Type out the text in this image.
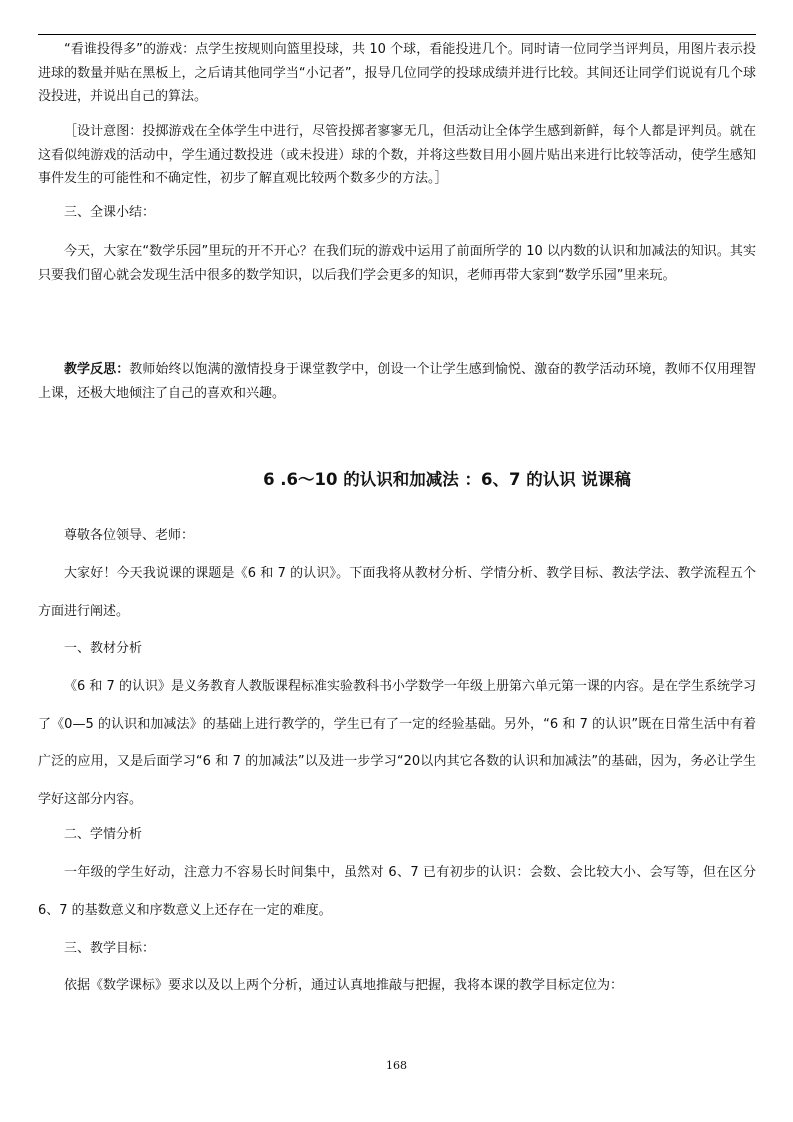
“看谁投得多”的游戏：点学生按规则向篮里投球，共 10 个球，看能投进几个。同时请一位同学当评判员，用图片表示投进球的数量并贴在黑板上，之后请其他同学当“小记者”，报导几位同学的投球成绩并进行比较。其间还让同学们说说有几个球没投进，并说出自己的算法。

［设计意图：投掷游戏在全体学生中进行，尽管投掷者寥寥无几，但活动让全体学生感到新鲜，每个人都是评判员。就在这看似纯游戏的活动中，学生通过数投进（或未投进）球的个数，并将这些数目用小圆片贴出来进行比较等活动，使学生感知事件发生的可能性和不确定性，初步了解直观比较两个数多少的方法。］

三、全课小结：

今天，大家在“数学乐园”里玩的开不开心？在我们玩的游戏中运用了前面所学的 10 以内数的认识和加减法的知识。其实只要我们留心就会发现生活中很多的数学知识，以后我们学会更多的知识，老师再带大家到“数学乐园”里来玩。

教学反思：教师始终以饱满的激情投身于课堂教学中，创设一个让学生感到愉悦、激奋的教学活动环境，教师不仅用理智上课，还极大地倾注了自己的喜欢和兴趣。

6 .6～10 的认识和加减法 ：6、7 的认识 说课稿

尊敬各位领导、老师：

大家好！今天我说课的课题是《6 和 7 的认识》。下面我将从教材分析、学情分析、教学目标、教法学法、教学流程五个方面进行阐述。

一、教材分析

《6 和 7 的认识》是义务教育人教版课程标准实验教科书小学数学一年级上册第六单元第一课的内容。是在学生系统学习了《0—5 的认识和加减法》的基础上进行教学的，学生已有了一定的经验基础。另外，“6 和 7 的认识”既在日常生活中有着广泛的应用，又是后面学习“6 和 7 的加减法”以及进一步学习“20以内其它各数的认识和加减法”的基础，因为，务必让学生学好这部分内容。

二、学情分析

一年级的学生好动，注意力不容易长时间集中，虽然对 6、7 已有初步的认识：会数、会比较大小、会写等，但在区分 6、7 的基数意义和序数意义上还存在一定的难度。

三、教学目标：

依据《数学课标》要求以及以上两个分析，通过认真地推敲与把握，我将本课的教学目标定位为：

168
